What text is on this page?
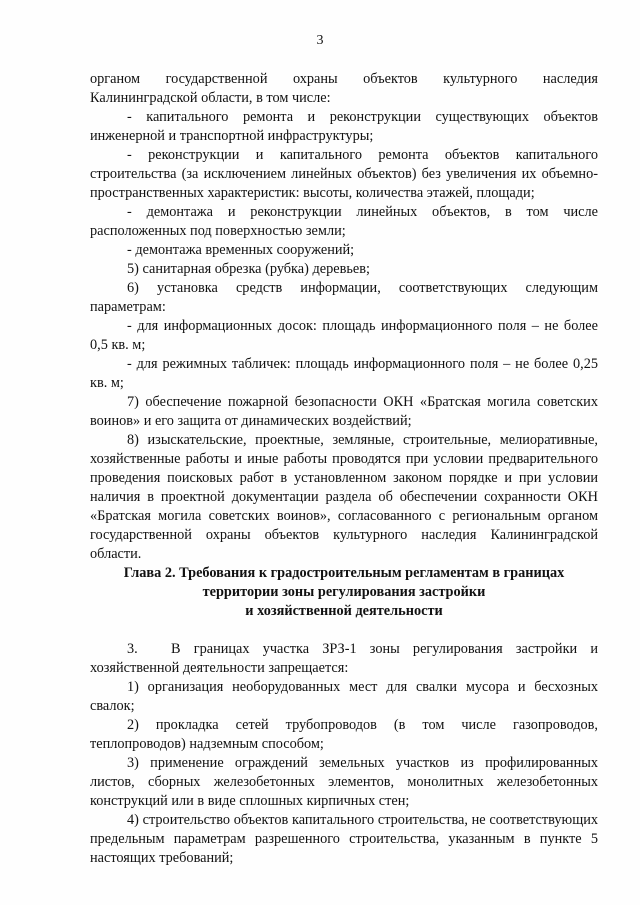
3

органом государственной охраны объектов культурного наследия Калининградской области, в том числе:

- капитального ремонта и реконструкции существующих объектов инженерной и транспортной инфраструктуры;

- реконструкции и капитального ремонта объектов капитального строительства (за исключением линейных объектов) без увеличения их объемно-пространственных характеристик: высоты, количества этажей, площади;

- демонтажа и реконструкции линейных объектов, в том числе расположенных под поверхностью земли;

- демонтажа временных сооружений;

5) санитарная обрезка (рубка) деревьев;

6) установка средств информации, соответствующих следующим параметрам:

- для информационных досок: площадь информационного поля – не более 0,5 кв. м;

- для режимных табличек: площадь информационного поля – не более 0,25 кв. м;

7) обеспечение пожарной безопасности ОКН «Братская могила советских воинов» и его защита от динамических воздействий;

8) изыскательские, проектные, земляные, строительные, мелиоративные, хозяйственные работы и иные работы проводятся при условии предварительного проведения поисковых работ в установленном законом порядке и при условии наличия в проектной документации раздела об обеспечении сохранности ОКН «Братская могила советских воинов», согласованного с региональным органом государственной охраны объектов культурного наследия Калининградской области.

Глава 2. Требования к градостроительным регламентам в границах
территории зоны регулирования застройки
и хозяйственной деятельности

3. В границах участка ЗРЗ-1 зоны регулирования застройки и хозяйственной деятельности запрещается:

1) организация необорудованных мест для свалки мусора и бесхозных свалок;

2) прокладка сетей трубопроводов (в том числе газопроводов, теплопроводов) надземным способом;

3) применение ограждений земельных участков из профилированных листов, сборных железобетонных элементов, монолитных железобетонных конструкций или в виде сплошных кирпичных стен;

4) строительство объектов капитального строительства, не соответствующих предельным параметрам разрешенного строительства, указанным в пункте 5 настоящих требований;
